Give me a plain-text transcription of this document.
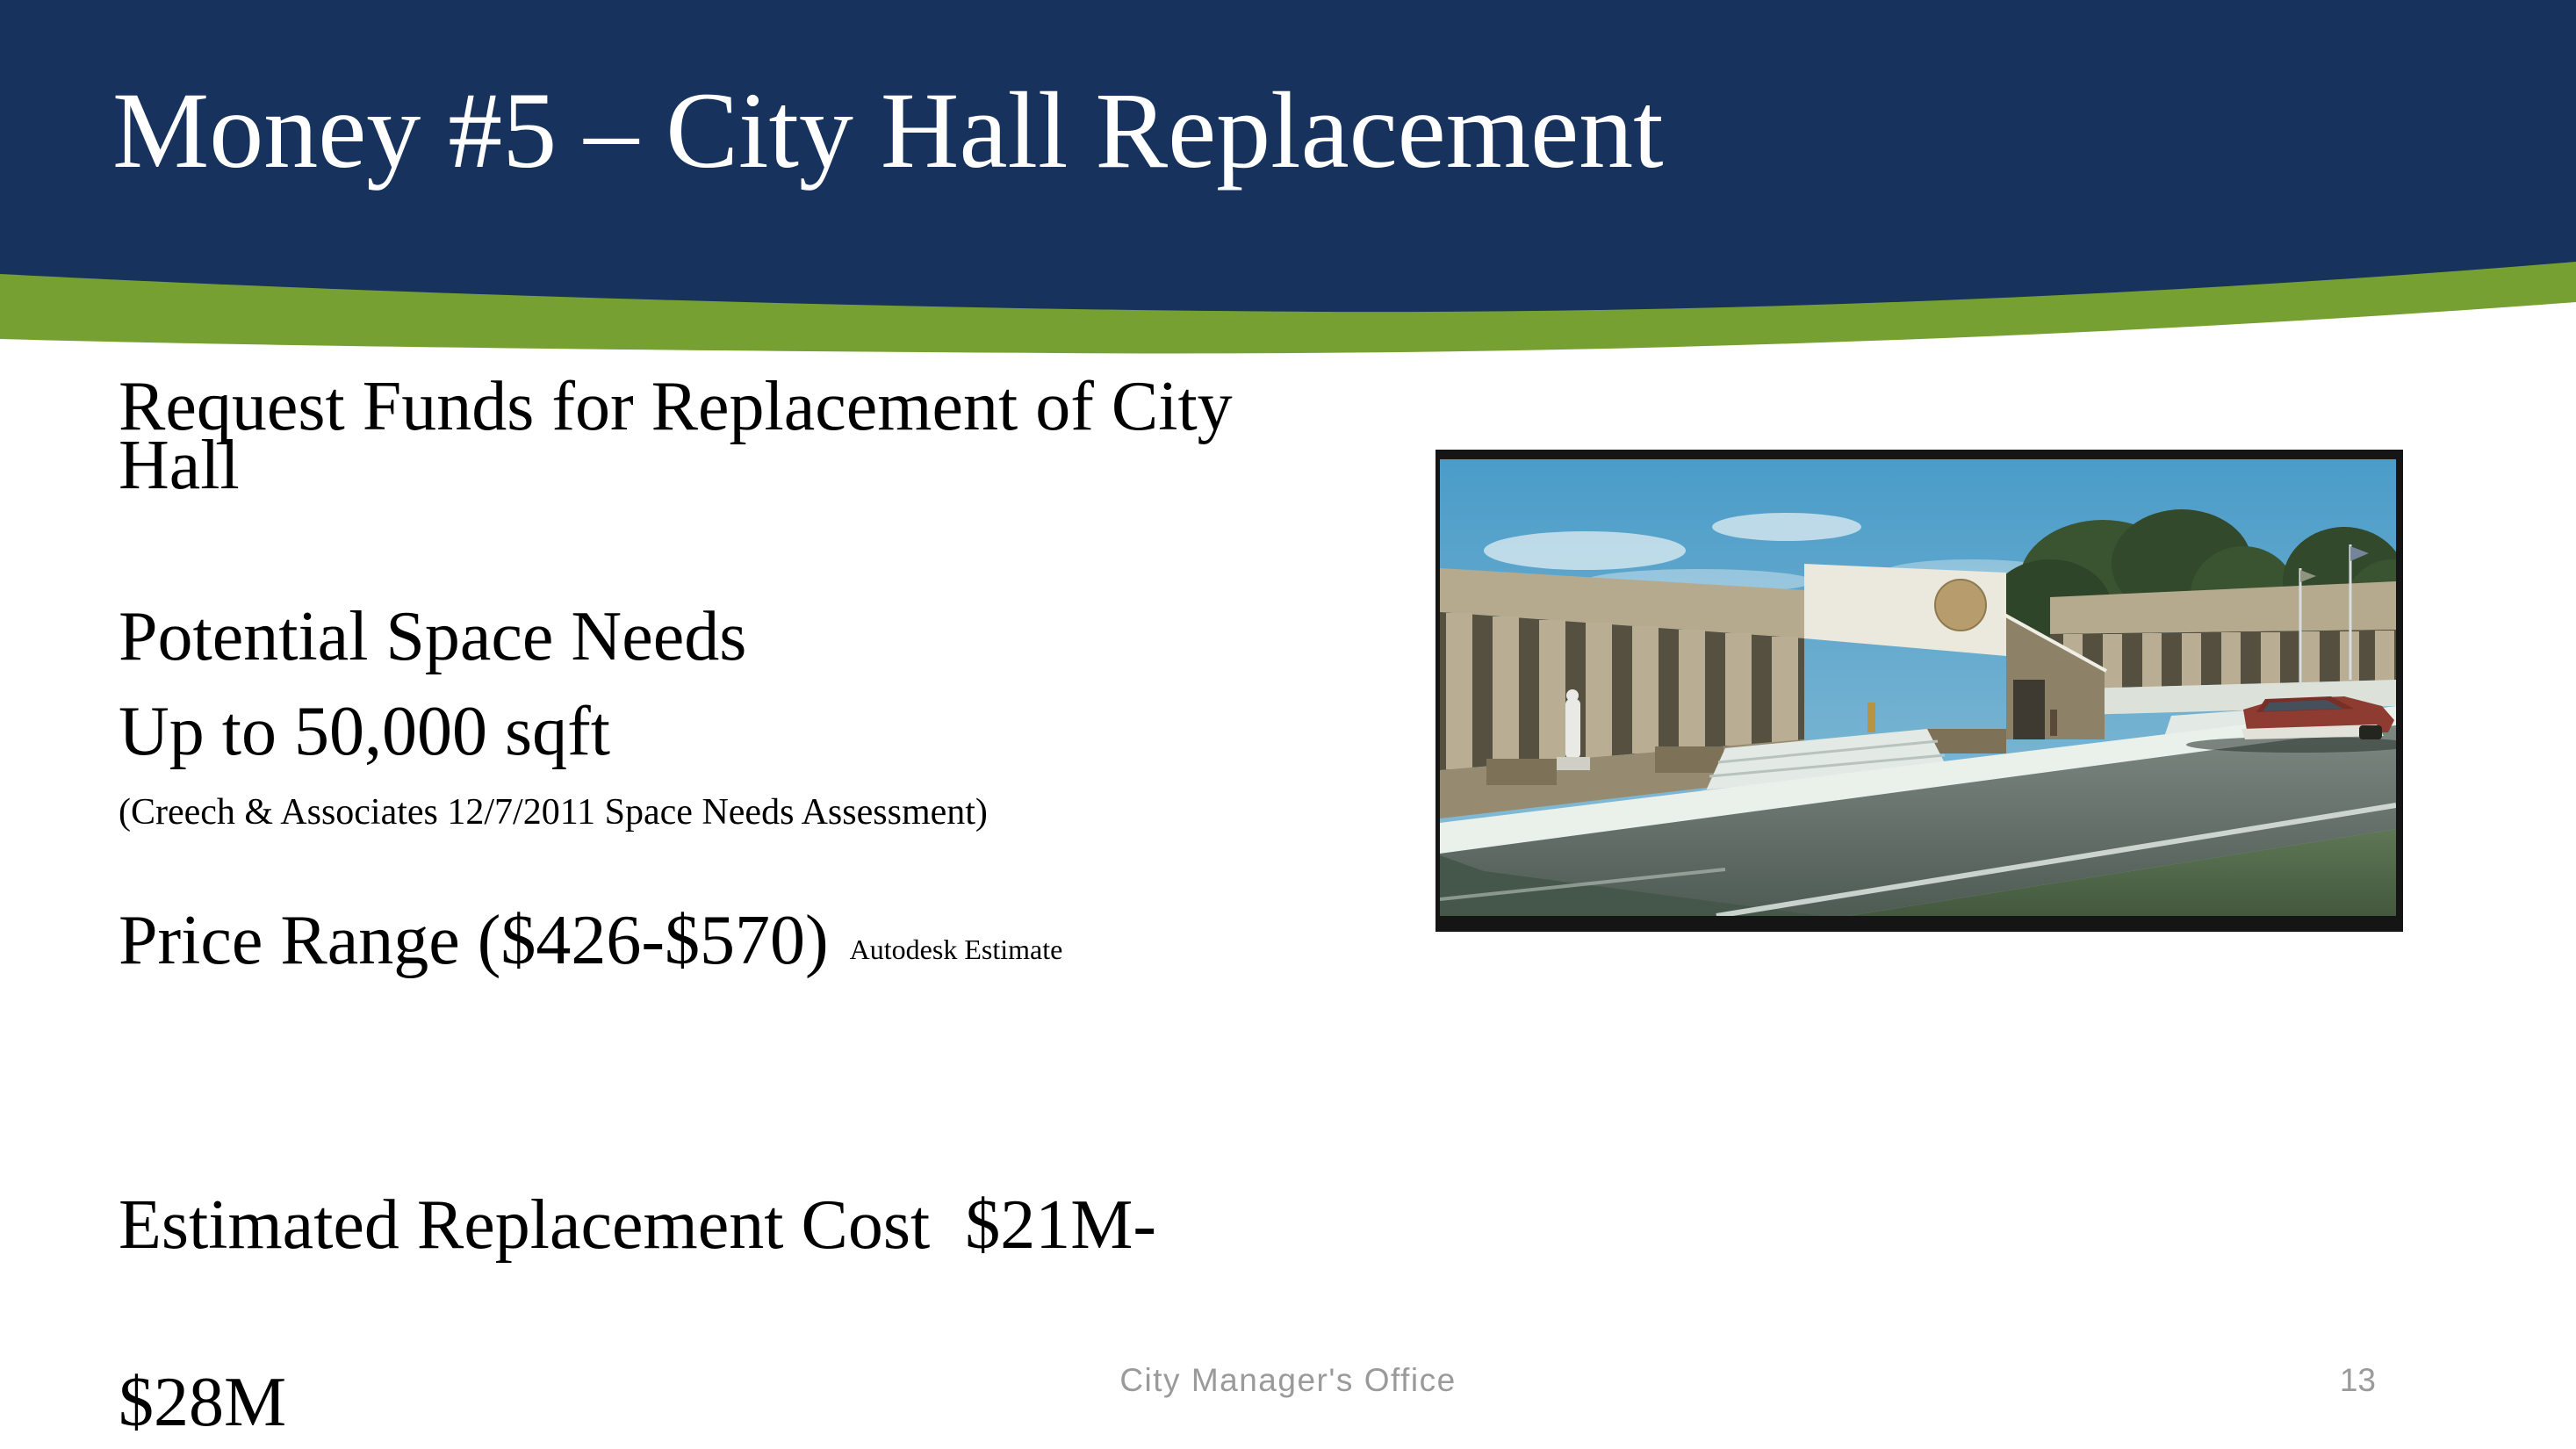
Money #5 – City Hall Replacement
Request Funds for Replacement of City
Hall
Potential Space Needs
Up to 50,000 sqft
(Creech & Associates 12/7/2011 Space Needs Assessment)
Price Range ($426-$570) Autodesk Estimate

Estimated Replacement Cost  $21M-

$28M

	City Manager's Office	13
